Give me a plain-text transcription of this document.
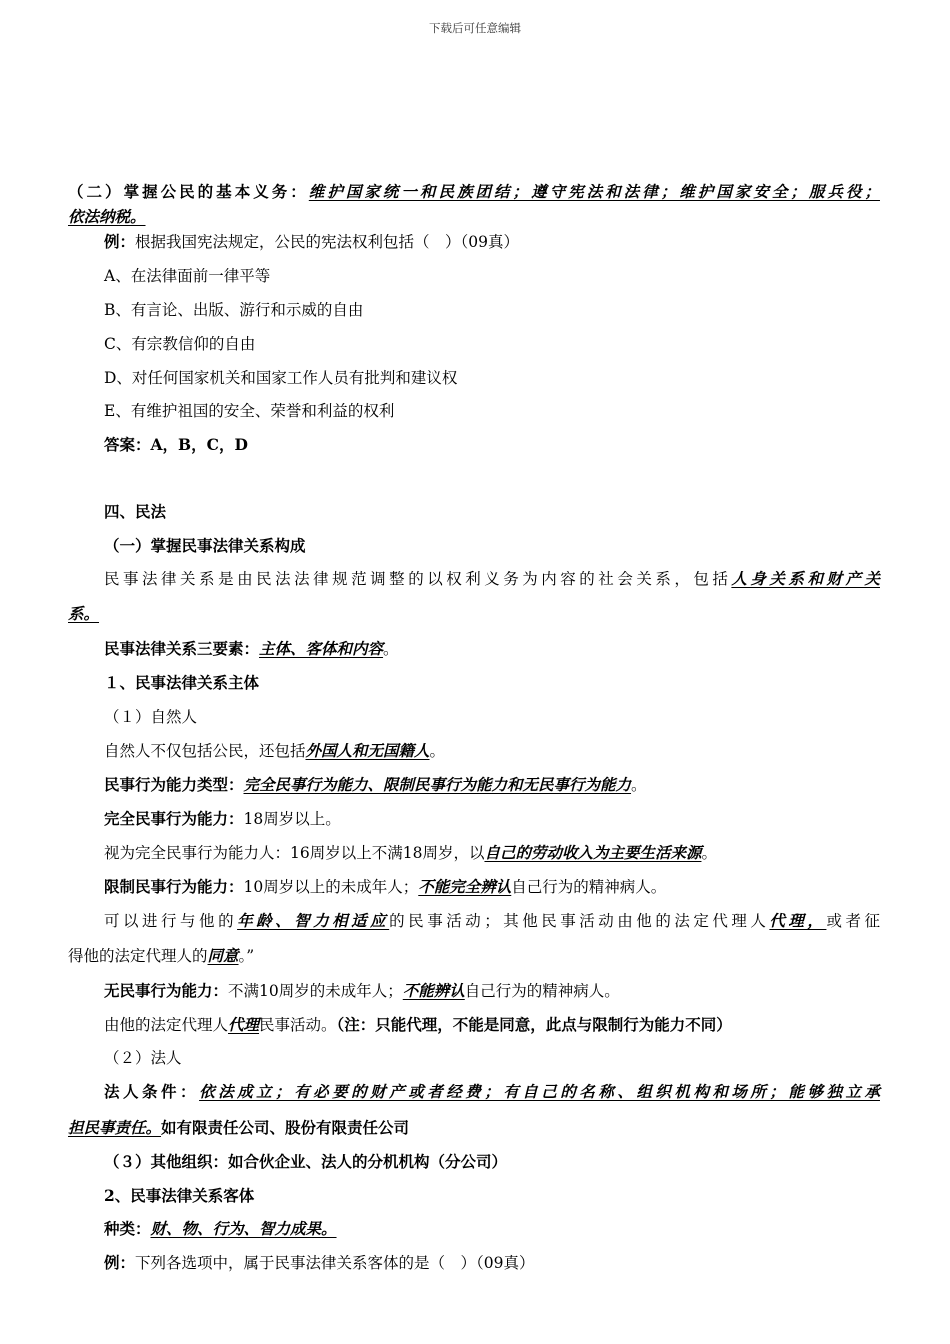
下载后可任意编辑
（二）掌握公民的基本义务：维护国家统一和民族团结；遵守宪法和法律；维护国家安全；服兵役；
依法纳税。
例：根据我国宪法规定，公民的宪法权利包括（　）（09真）
A、在法律面前一律平等
B、有言论、出版、游行和示威的自由
C、有宗教信仰的自由
D、对任何国家机关和国家工作人员有批判和建议权
E、有维护祖国的安全、荣誉和利益的权利
答案：A，B，C，D
四、民法
（一）掌握民事法律关系构成
民事法律关系是由民法法律规范调整的以权利义务为内容的社会关系，包括人身关系和财产关
系。
民事法律关系三要素：主体、客体和内容。
１、民事法律关系主体
（１）自然人
自然人不仅包括公民，还包括外国人和无国籍人。
民事行为能力类型：完全民事行为能力、限制民事行为能力和无民事行为能力。
完全民事行为能力：18周岁以上。
视为完全民事行为能力人：16周岁以上不满18周岁，以自己的劳动收入为主要生活来源。
限制民事行为能力：10周岁以上的未成年人；不能完全辨认自己行为的精神病人。
可以进行与他的年龄、智力相适应的民事活动；其他民事活动由他的法定代理人代理，或者征
得他的法定代理人的同意。”
无民事行为能力：不满10周岁的未成年人；不能辨认自己行为的精神病人。
由他的法定代理人代理民事活动。（注：只能代理，不能是同意，此点与限制行为能力不同）
（２）法人
法人条件：依法成立；有必要的财产或者经费；有自己的名称、组织机构和场所；能够独立承
担民事责任。如有限责任公司、股份有限责任公司
（３）其他组织：如合伙企业、法人的分机机构（分公司）
2、民事法律关系客体
种类：财、物、行为、智力成果。
例：下列各选项中，属于民事法律关系客体的是（　）（09真）
